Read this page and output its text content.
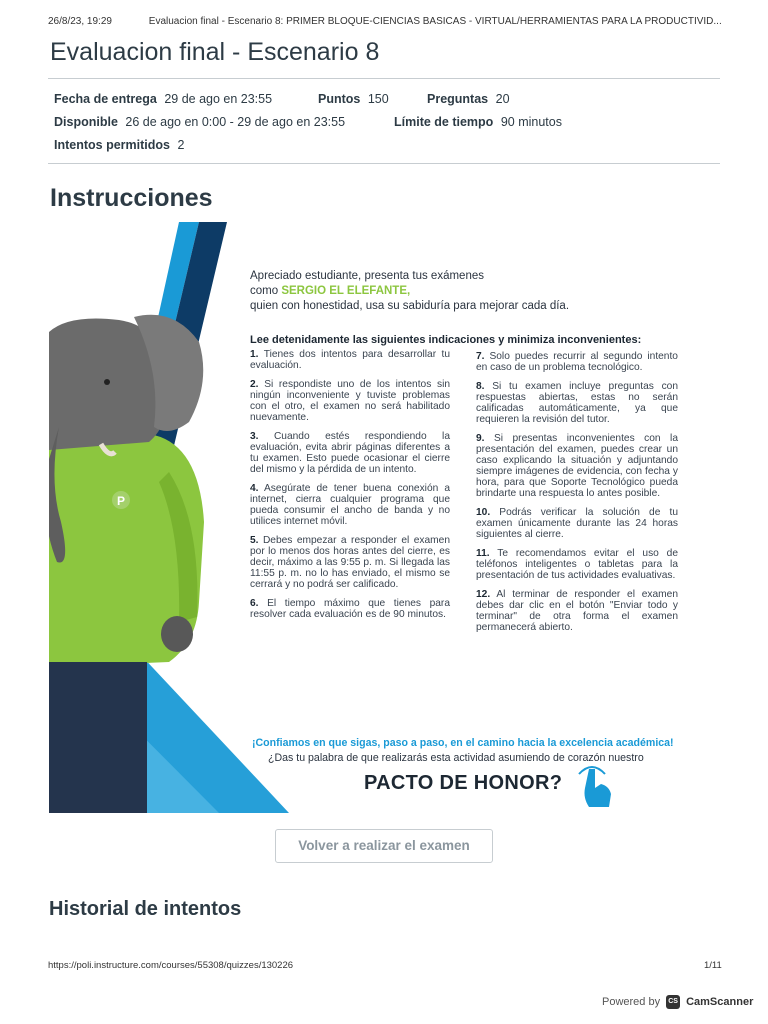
26/8/23, 19:29	Evaluacion final - Escenario 8: PRIMER BLOQUE-CIENCIAS BASICAS - VIRTUAL/HERRAMIENTAS PARA LA PRODUCTIVID...
Evaluacion final - Escenario 8
Fecha de entrega 29 de ago en 23:55	Puntos 150	Preguntas 20
Disponible 26 de ago en 0:00 - 29 de ago en 23:55	Límite de tiempo 90 minutos
Intentos permitidos 2
Instrucciones
P
Apreciado estudiante, presenta tus exámenes
como SERGIO EL ELEFANTE,
quien con honestidad, usa su sabiduría para mejorar cada día.
Lee detenidamente las siguientes indicaciones y minimiza inconvenientes:
1. Tienes dos intentos para desarrollar tu evaluación.
2. Si respondiste uno de los intentos sin ningún inconveniente y tuviste problemas con el otro, el examen no será habilitado nuevamente.
3. Cuando estés respondiendo la evaluación, evita abrir páginas diferentes a tu examen. Esto puede ocasionar el cierre del mismo y la pérdida de un intento.
4. Asegúrate de tener buena conexión a internet, cierra cualquier programa que pueda consumir el ancho de banda y no utilices internet móvil.
5. Debes empezar a responder el examen por lo menos dos horas antes del cierre, es decir, máximo a las 9:55 p. m. Si llegada las 11:55 p. m. no lo has enviado, el mismo se cerrará y no podrá ser calificado.
6. El tiempo máximo que tienes para resolver cada evaluación es de 90 minutos.
7. Solo puedes recurrir al segundo intento en caso de un problema tecnológico.
8. Si tu examen incluye preguntas con respuestas abiertas, estas no serán calificadas automáticamente, ya que requieren la revisión del tutor.
9. Si presentas inconvenientes con la presentación del examen, puedes crear un caso explicando la situación y adjuntando siempre imágenes de evidencia, con fecha y hora, para que Soporte Tecnológico pueda brindarte una respuesta lo antes posible.
10. Podrás verificar la solución de tu examen únicamente durante las 24 horas siguientes al cierre.
11. Te recomendamos evitar el uso de teléfonos inteligentes o tabletas para la presentación de tus actividades evaluativas.
12. Al terminar de responder el examen debes dar clic en el botón "Enviar todo y terminar" de otra forma el examen permanecerá abierto.
¡Confiamos en que sigas, paso a paso, en el camino hacia la excelencia académica!
¿Das tu palabra de que realizarás esta actividad asumiendo de corazón nuestro
PACTO DE HONOR?
Volver a realizar el examen
Historial de intentos
https://poli.instructure.com/courses/55308/quizzes/130226	1/11
Powered by	CS CamScanner
